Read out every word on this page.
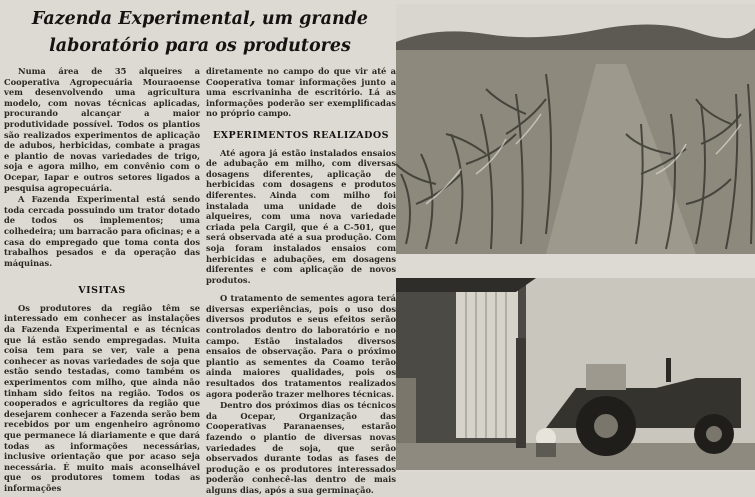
Fazenda Experimental, um grande
laboratório para os produtores

Numa área de 35 alqueires a Cooperativa Agropecuária Mouraoense vem desenvolvendo uma agricultura modelo, com novas técnicas aplicadas, procurando alcançar a maior produtividade possível. Todos os plantios são realizados experimentos de aplicação de adubos, herbicidas, combate a pragas e plantio de novas variedades de trigo, soja e agora milho, em convênio com o Ocepar, Iapar e outros setores ligados a pesquisa agropecuária.

A Fazenda Experimental está sendo toda cercada possuindo um trator dotado de todos os implementos; uma colhedeira; um barracão para oficinas; e a casa do empregado que toma conta dos trabalhos pesados e da operação das máquinas.

VISITAS

Os produtores da região têm se interessado em conhecer as instalações da Fazenda Experimental e as técnicas que lá estão sendo empregadas. Muita coisa tem para se ver, vale a pena conhecer as novas variedades de soja que estão sendo testadas, como também os experimentos com milho, que ainda não tinham sido feitos na região. Todos os cooperados e agricultores da região que desejarem conhecer a Fazenda serão bem recebidos por um engenheiro agrônomo que permanece lá diariamente e que dará todas as informações necessárias, inclusive orientação que por acaso seja necessária. É muito mais aconselhável que os produtores tomem todas as informações

diretamente no campo do que vir até a Cooperativa tomar informações junto a uma escrivaninha de escritório. Lá as informações poderão ser exemplificadas no próprio campo.

EXPERIMENTOS REALIZADOS

Até agora já estão instalados ensaios de adubação em milho, com diversas dosagens diferentes, aplicação de herbicidas com dosagens e produtos diferentes. Ainda com milho foi instalada uma unidade de dois alqueires, com uma nova variedade criada pela Cargil, que é a C-501, que será observada até a sua produção. Com soja foram instalados ensaios com herbicidas e adubações, em dosagens diferentes e com aplicação de novos produtos.

O tratamento de sementes agora terá diversas experiências, pois o uso dos diversos produtos e seus efeitos serão controlados dentro do laboratório e no campo. Estão instalados diversos ensaios de observação. Para o próximo plantio as sementes da Coamo terão ainda maiores qualidades, pois os resultados dos tratamentos realizados agora poderão trazer melhores técnicas.

Dentro dos próximos dias os técnicos da Ocepar, Organização das Cooperativas Paranaenses, estarão fazendo o plantio de diversas novas variedades de soja, que serão observados durante todas as fases de produção e os produtores interessados poderão conhecê-las dentro de mais alguns dias, após a sua germinação.
